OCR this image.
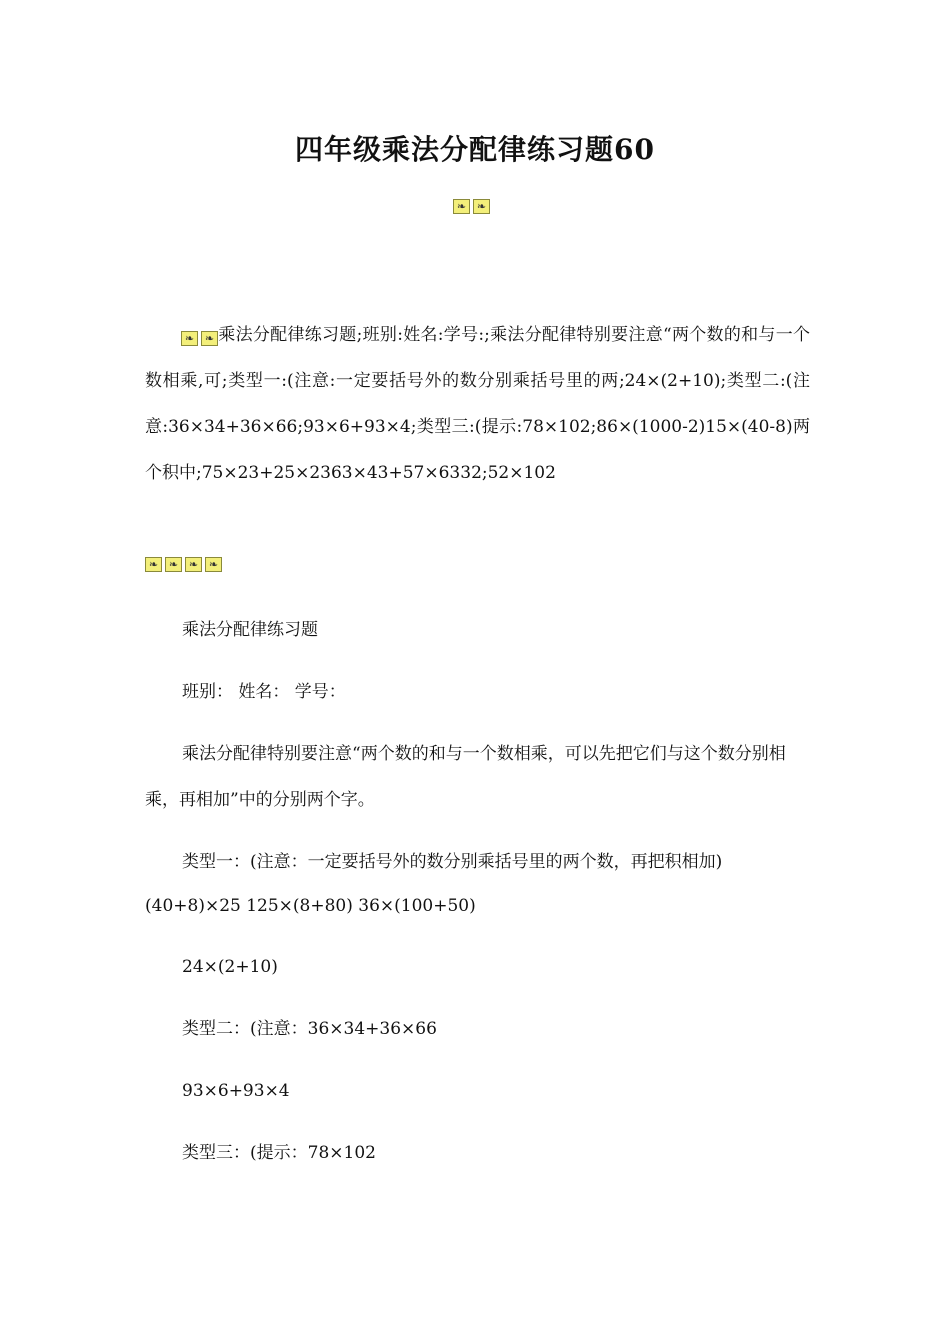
四年级乘法分配律练习题60
❧ ❧
❧ ❧ 乘法分配律练习题;班别:姓名:学号:;乘法分配律特别要注意“两个数的和与一个数相乘,可;类型一:(注意:一定要括号外的数分别乘括号里的两;24×(2+10);类型二:(注意:36×34+36×66;93×6+93×4;类型三:(提示:78×102;86×(1000-2)15×(40-8)两个积中;75×23+25×2363×43+57×6332;52×102
❧ ❧ ❧ ❧
乘法分配律练习题
班别： 姓名： 学号：
乘法分配律特别要注意“两个数的和与一个数相乘，可以先把它们与这个数分别相乘，再相加”中的分别两个字。
类型一：(注意：一定要括号外的数分别乘括号里的两个数，再把积相加)
(40+8)×25 125×(8+80) 36×(100+50)
24×(2+10)
类型二：(注意：36×34+36×66
93×6+93×4
类型三：(提示：78×102
